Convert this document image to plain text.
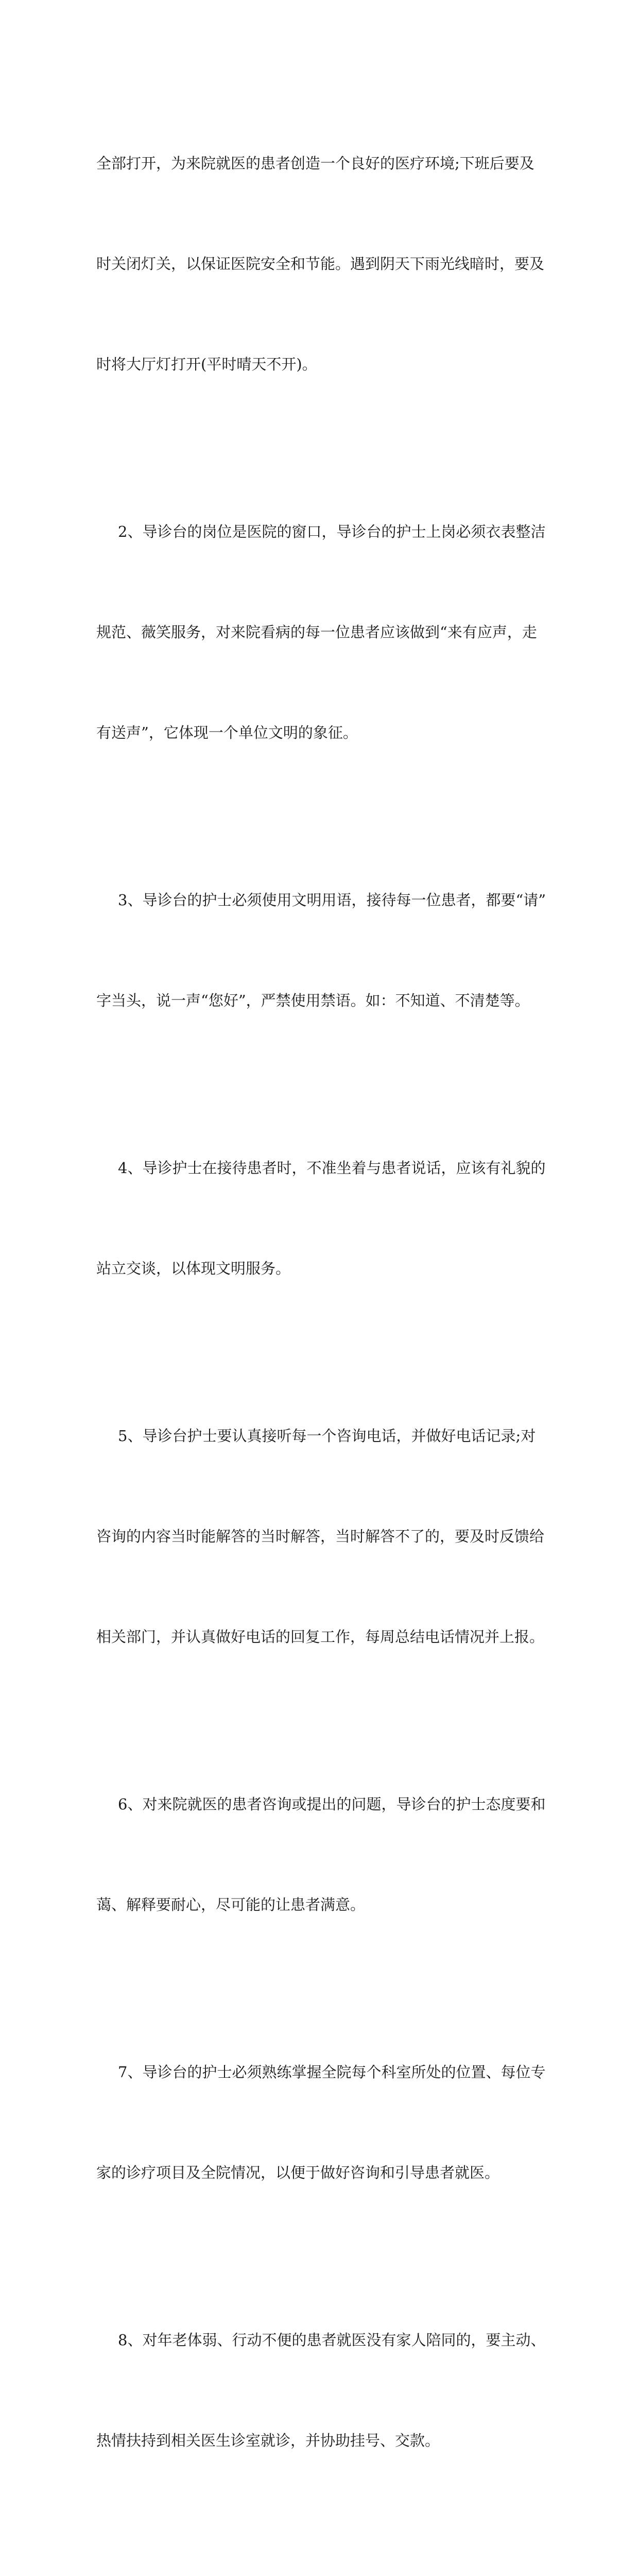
全部打开，为来院就医的患者创造一个良好的医疗环境;下班后要及

时关闭灯关，以保证医院安全和节能。遇到阴天下雨光线暗时，要及

时将大厅灯打开(平时晴天不开)。

2、导诊台的岗位是医院的窗口，导诊台的护士上岗必须衣表整洁

规范、薇笑服务，对来院看病的每一位患者应该做到“来有应声，走

有送声”，它体现一个单位文明的象征。

3、导诊台的护士必须使用文明用语，接待每一位患者，都要“请”

字当头，说一声“您好”，严禁使用禁语。如：不知道、不清楚等。

4、导诊护士在接待患者时，不准坐着与患者说话，应该有礼貌的

站立交谈，以体现文明服务。

5、导诊台护士要认真接听每一个咨询电话，并做好电话记录;对

咨询的内容当时能解答的当时解答，当时解答不了的，要及时反馈给

相关部门，并认真做好电话的回复工作，每周总结电话情况并上报。

6、对来院就医的患者咨询或提出的问题，导诊台的护士态度要和

蔼、解释要耐心，尽可能的让患者满意。

7、导诊台的护士必须熟练掌握全院每个科室所处的位置、每位专

家的诊疗项目及全院情况，以便于做好咨询和引导患者就医。

8、对年老体弱、行动不便的患者就医没有家人陪同的，要主动、

热情扶持到相关医生诊室就诊，并协助挂号、交款。
